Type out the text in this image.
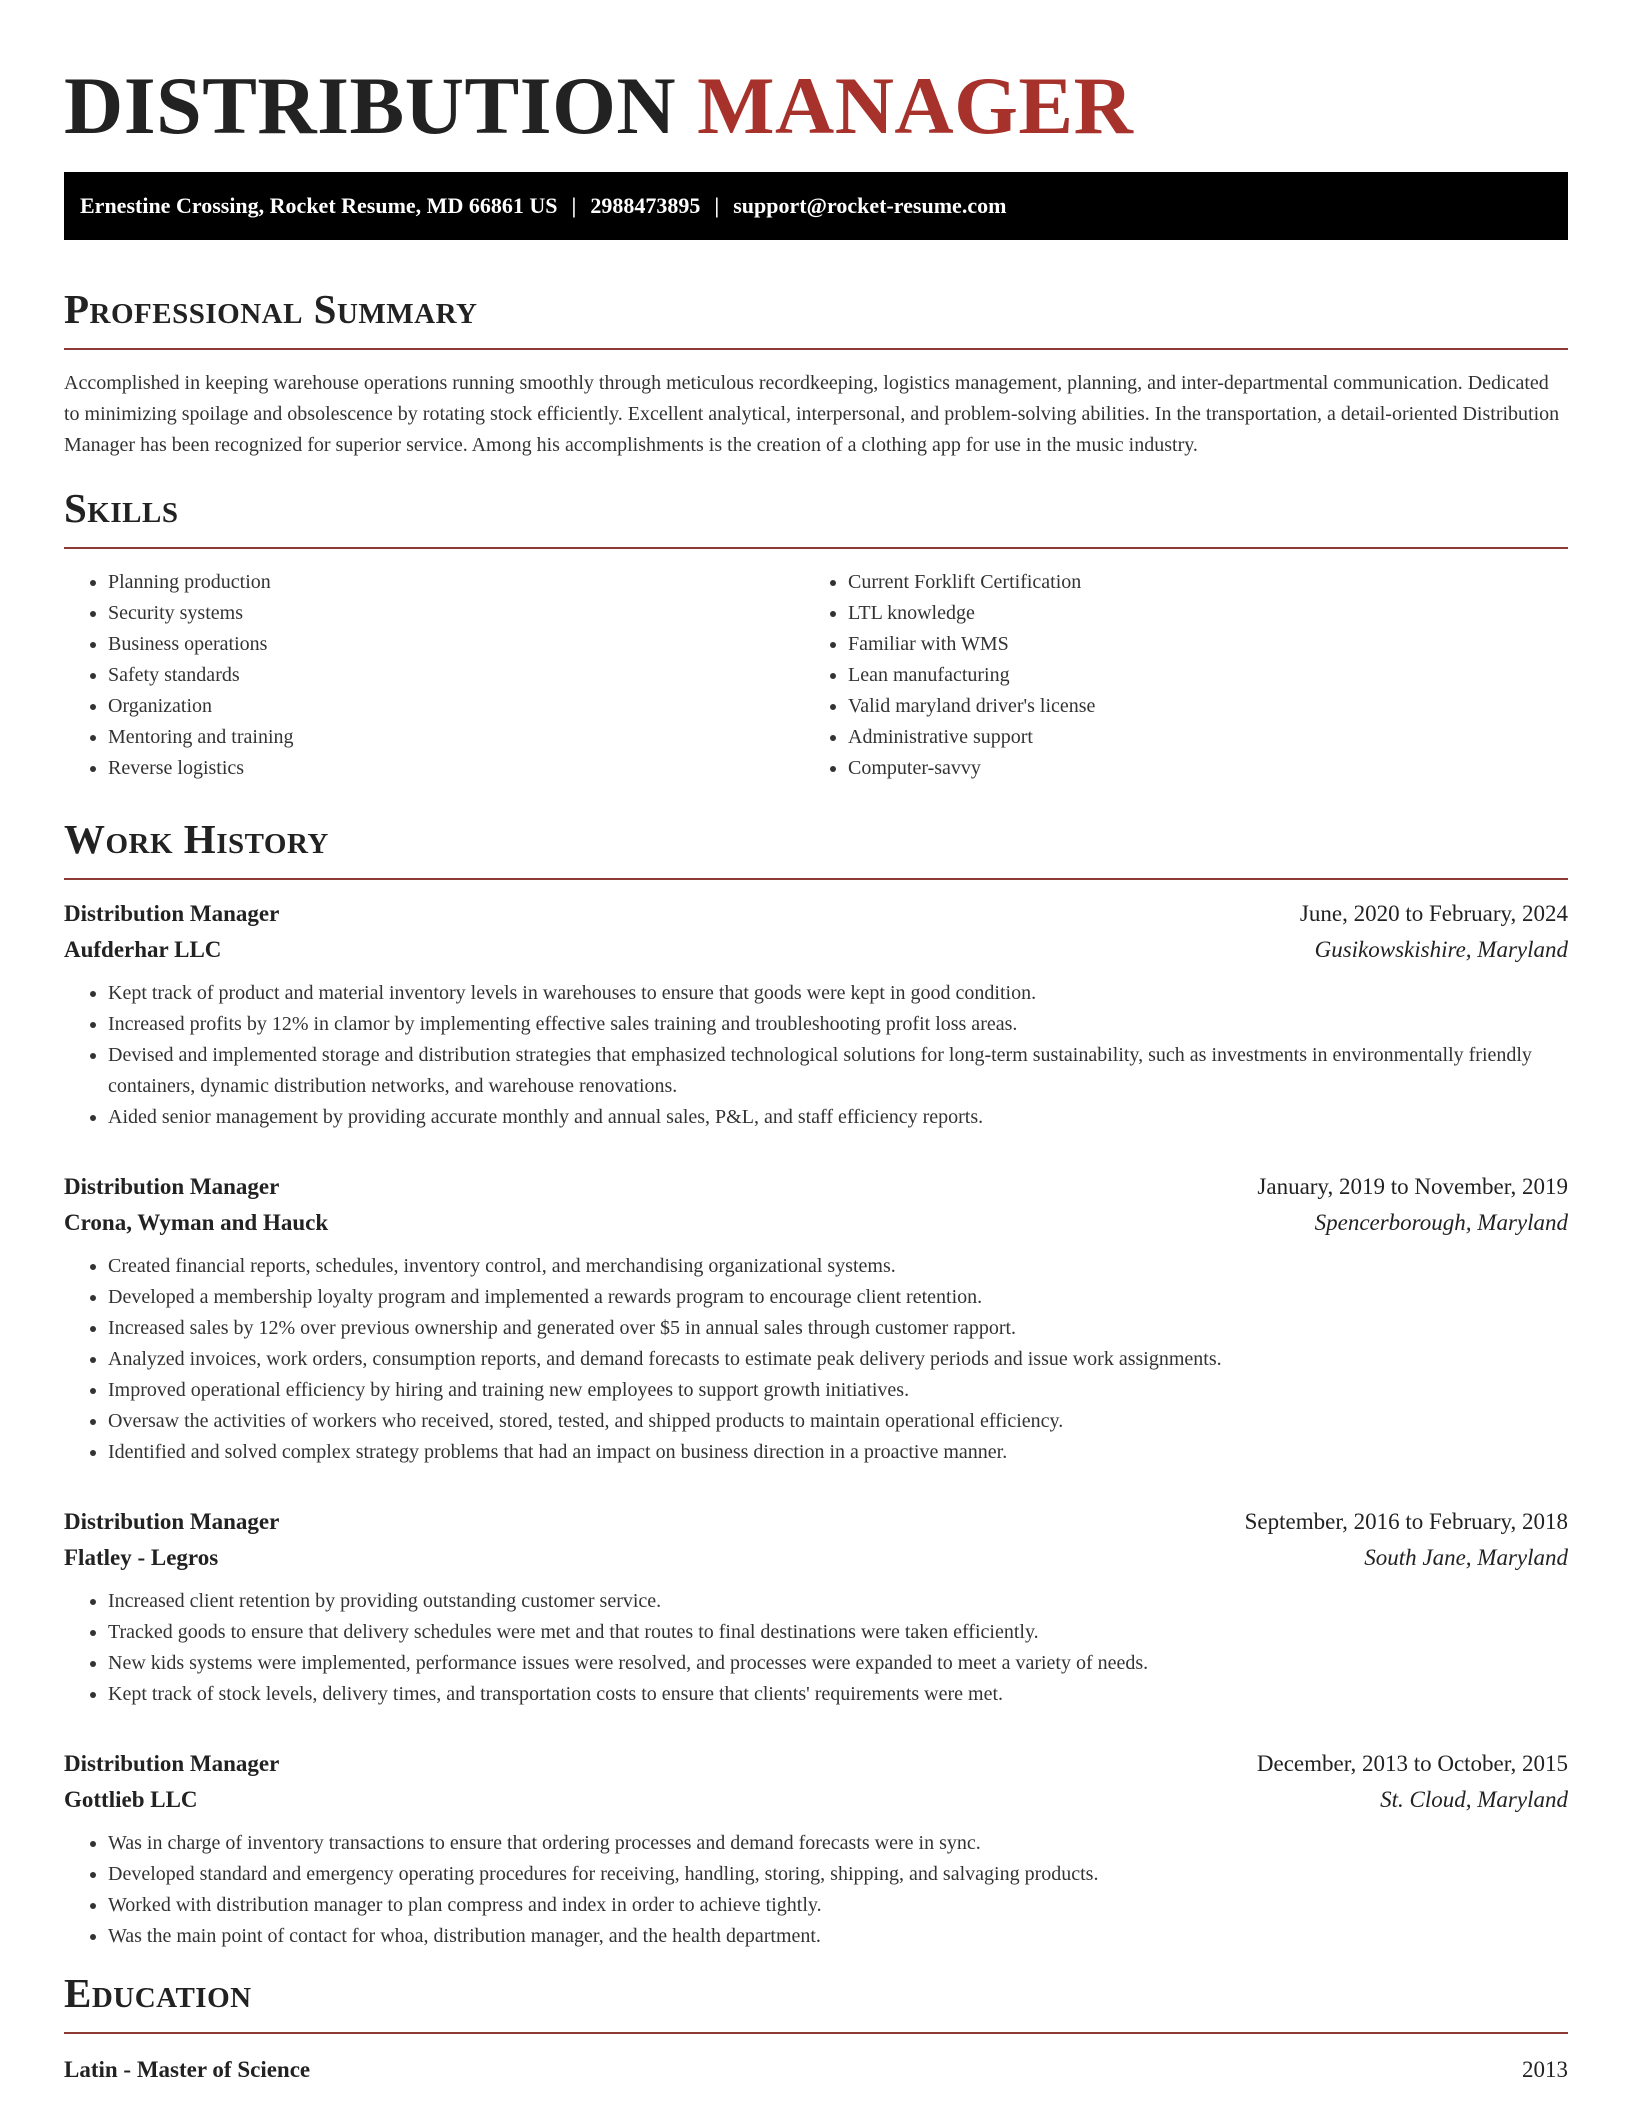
DISTRIBUTION MANAGER
Ernestine Crossing, Rocket Resume, MD 66861 US | 2988473895 | support@rocket-resume.com
Professional Summary

Accomplished in keeping warehouse operations running smoothly through meticulous recordkeeping, logistics management, planning, and inter-departmental communication. Dedicated to minimizing spoilage and obsolescence by rotating stock efficiently. Excellent analytical, interpersonal, and problem-solving abilities. In the transportation, a detail-oriented Distribution Manager has been recognized for superior service. Among his accomplishments is the creation of a clothing app for use in the music industry.

Skills
• Planning production
• Security systems
• Business operations
• Safety standards
• Organization
• Mentoring and training
• Reverse logistics
• Current Forklift Certification
• LTL knowledge
• Familiar with WMS
• Lean manufacturing
• Valid maryland driver's license
• Administrative support
• Computer-savvy
Work History
Distribution Manager	June, 2020 to February, 2024
Aufderhar LLC	Gusikowskishire, Maryland
• Kept track of product and material inventory levels in warehouses to ensure that goods were kept in good condition.
• Increased profits by 12% in clamor by implementing effective sales training and troubleshooting profit loss areas.
• Devised and implemented storage and distribution strategies that emphasized technological solutions for long-term sustainability, such as investments in environmentally friendly containers, dynamic distribution networks, and warehouse renovations.
• Aided senior management by providing accurate monthly and annual sales, P&L, and staff efficiency reports.
Distribution Manager	January, 2019 to November, 2019
Crona, Wyman and Hauck	Spencerborough, Maryland
• Created financial reports, schedules, inventory control, and merchandising organizational systems.
• Developed a membership loyalty program and implemented a rewards program to encourage client retention.
• Increased sales by 12% over previous ownership and generated over $5 in annual sales through customer rapport.
• Analyzed invoices, work orders, consumption reports, and demand forecasts to estimate peak delivery periods and issue work assignments.
• Improved operational efficiency by hiring and training new employees to support growth initiatives.
• Oversaw the activities of workers who received, stored, tested, and shipped products to maintain operational efficiency.
• Identified and solved complex strategy problems that had an impact on business direction in a proactive manner.
Distribution Manager	September, 2016 to February, 2018
Flatley - Legros	South Jane, Maryland
• Increased client retention by providing outstanding customer service.
• Tracked goods to ensure that delivery schedules were met and that routes to final destinations were taken efficiently.
• New kids systems were implemented, performance issues were resolved, and processes were expanded to meet a variety of needs.
• Kept track of stock levels, delivery times, and transportation costs to ensure that clients' requirements were met.
Distribution Manager	December, 2013 to October, 2015
Gottlieb LLC	St. Cloud, Maryland
• Was in charge of inventory transactions to ensure that ordering processes and demand forecasts were in sync.
• Developed standard and emergency operating procedures for receiving, handling, storing, shipping, and salvaging products.
• Worked with distribution manager to plan compress and index in order to achieve tightly.
• Was the main point of contact for whoa, distribution manager, and the health department.
Education
Latin - Master of Science	2013
